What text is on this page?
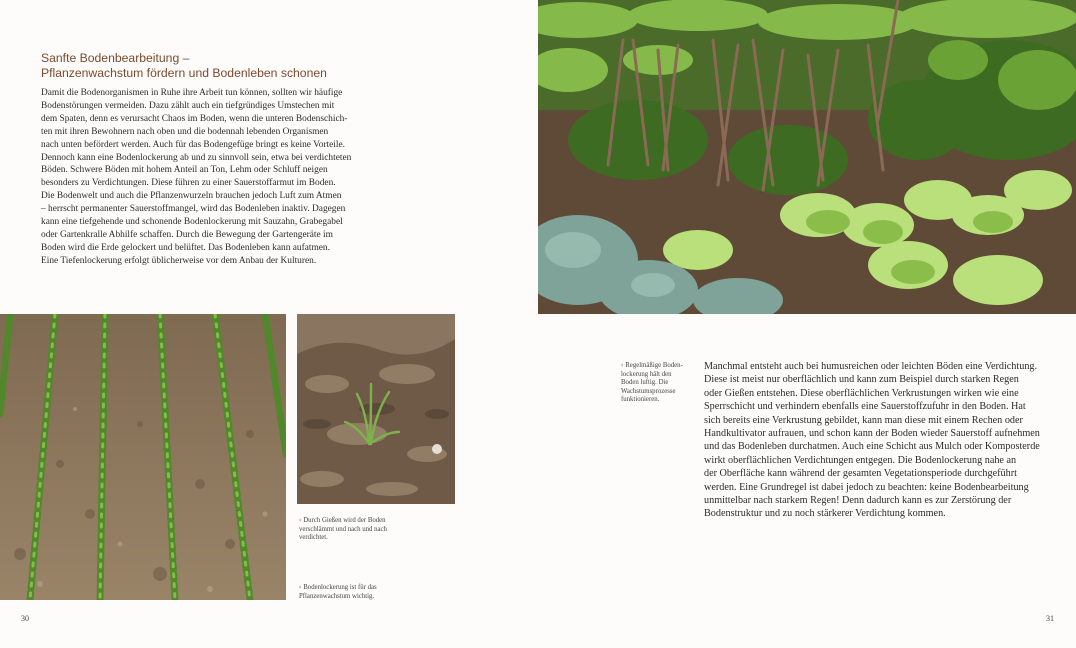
Sanfte Bodenbearbeitung –
Pflanzenwachstum fördern und Bodenleben schonen

Damit die Bodenorganismen in Ruhe ihre Arbeit tun können, sollten wir häufige
Bodenstörungen vermeiden. Dazu zählt auch ein tiefgründiges Umstechen mit
dem Spaten, denn es verursacht Chaos im Boden, wenn die unteren Bodenschich-
ten mit ihren Bewohnern nach oben und die bodennah lebenden Organismen
nach unten befördert werden. Auch für das Bodengefüge bringt es keine Vorteile.
Dennoch kann eine Bodenlockerung ab und zu sinnvoll sein, etwa bei verdichteten
Böden. Schwere Böden mit hohem Anteil an Ton, Lehm oder Schluff neigen
besonders zu Verdichtungen. Diese führen zu einer Sauerstoffarmut im Boden.
Die Bodenwelt und auch die Pflanzenwurzeln brauchen jedoch Luft zum Atmen
– herrscht permanenter Sauerstoffmangel, wird das Bodenleben inaktiv. Dagegen
kann eine tiefgehende und schonende Bodenlockerung mit Sauzahn, Grabegabel
oder Gartenkralle Abhilfe schaffen. Durch die Bewegung der Gartengeräte im
Boden wird die Erde gelockert und belüftet. Das Bodenleben kann aufatmen.
Eine Tiefenlockerung erfolgt üblicherweise vor dem Anbau der Kulturen.

‹ Durch Gießen wird der Boden
verschlämmt und nach und nach
verdichtet.

‹ Bodenlockerung ist für das
Pflanzenwachstum wichtig.

30

‹ Regelmäßige Boden-
lockerung hält den
Boden luftig. Die
Wachstumsprozesse
funktionieren.

31

Manchmal entsteht auch bei humusreichen oder leichten Böden eine Verdichtung.
Diese ist meist nur oberflächlich und kann zum Beispiel durch starken Regen
oder Gießen entstehen. Diese oberflächlichen Verkrustungen wirken wie eine
Sperrschicht und verhindern ebenfalls eine Sauerstoffzufuhr in den Boden. Hat
sich bereits eine Verkrustung gebildet, kann man diese mit einem Rechen oder
Handkultivator aufrauen, und schon kann der Boden wieder Sauerstoff aufnehmen
und das Bodenleben durchatmen. Auch eine Schicht aus Mulch oder Komposterde
wirkt oberflächlichen Verdichtungen entgegen. Die Bodenlockerung nahe an
der Oberfläche kann während der gesamten Vegetationsperiode durchgeführt
werden. Eine Grundregel ist dabei jedoch zu beachten: keine Bodenbearbeitung
unmittelbar nach starkem Regen! Denn dadurch kann es zur Zerstörung der
Bodenstruktur und zu noch stärkerer Verdichtung kommen.
